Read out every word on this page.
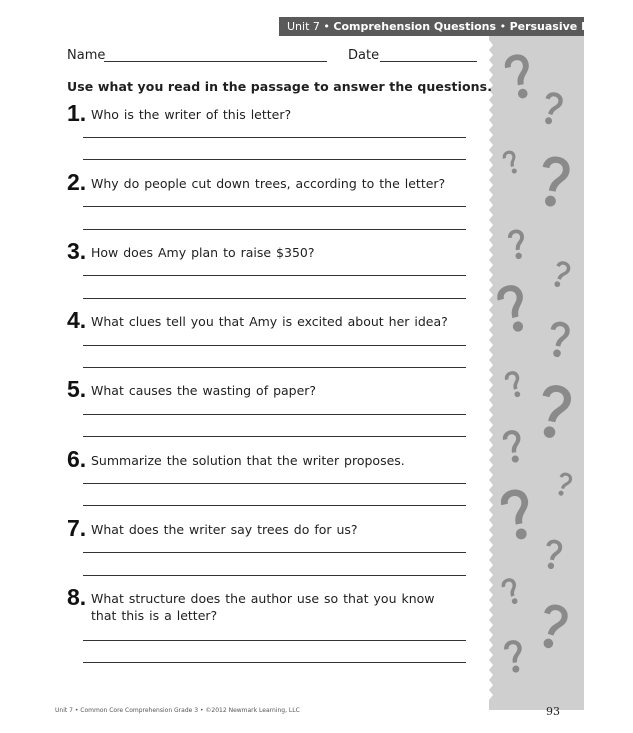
Unit 7 • Comprehension Questions • Persuasive Letters I
Name	Date
Use what you read in the passage to answer the questions.
1. Who is the writer of this letter?
2. Why do people cut down trees, according to the letter?
3. How does Amy plan to raise $350?
4. What clues tell you that Amy is excited about her idea?
5. What causes the wasting of paper?
6. Summarize the solution that the writer proposes.
7. What does the writer say trees do for us?
8. What structure does the author use so that you know that this is a letter?
Unit 7 • Common Core Comprehension Grade 3 • ©2012 Newmark Learning, LLC	93
